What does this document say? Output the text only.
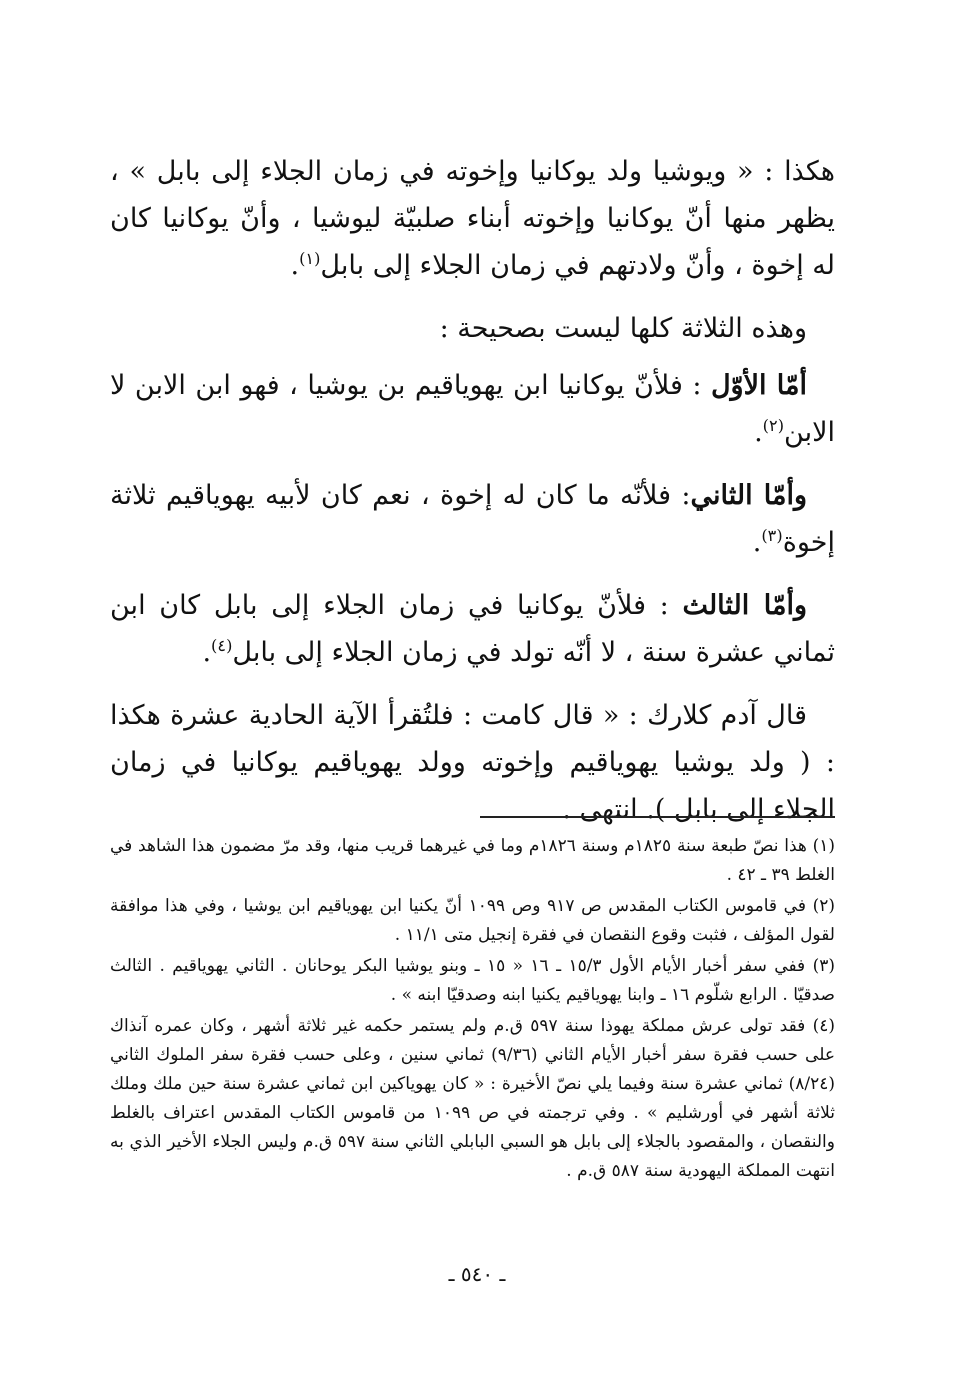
هكذا : « ويوشيا ولد يوكانيا وإخوته في زمان الجلاء إلى بابل » ، يظهر منها أنّ يوكانيا وإخوته أبناء صلبيّة ليوشيا ، وأنّ يوكانيا كان له إخوة ، وأنّ ولادتهم في زمان الجلاء إلى بابل$^{(١)}$.

وهذه الثلاثة كلها ليست بصحيحة :

أمّا الأوّل : فلأنّ يوكانيا ابن يهوياقيم بن يوشيا ، فهو ابن الابن لا الابن$^{(٢)}$.

وأمّا الثاني: فلأنّه ما كان له إخوة ، نعم كان لأبيه يهوياقيم ثلاثة إخوة$^{(٣)}$.

وأمّا الثالث : فلأنّ يوكانيا في زمان الجلاء إلى بابل كان ابن ثماني عشرة سنة ، لا أنّه تولد في زمان الجلاء إلى بابل$^{(٤)}$.

قال آدم كلارك : « قال كامت : فلتُقرأ الآية الحادية عشرة هكذا : ( ولد يوشيا يهوياقيم وإخوته وولد يهوياقيم يوكانيا في زمان الجلاء إلى بابل ). انتهى .

(١) هذا نصّ طبعة سنة ١٨٢٥م وسنة ١٨٢٦م وما في غيرهما قريب منها، وقد مرّ مضمون هذا الشاهد في الغلط ٣٩ ـ ٤٢ .

(٢) في قاموس الكتاب المقدس ص ٩١٧ وص ١٠٩٩ أنّ يكنيا ابن يهوياقيم ابن يوشيا ، وفي هذا موافقة لقول المؤلف ، فثبت وقوع النقصان في فقرة إنجيل متى ١١/١ .

(٣) ففي سفر أخبار الأيام الأول ١٥/٣ ـ ١٦ « ١٥ ـ وبنو يوشيا البكر يوحانان . الثاني يهوياقيم . الثالث صدقيّا . الرابع شلّوم ١٦ ـ وابنا يهوياقيم يكنيا ابنه وصدقيّا ابنه » .

(٤) فقد تولى عرش مملكة يهوذا سنة ٥٩٧ ق.م ولم يستمر حكمه غير ثلاثة أشهر ، وكان عمره آنذاك على حسب فقرة سفر أخبار الأيام الثاني (٩/٣٦) ثماني سنين ، وعلى حسب فقرة سفر الملوك الثاني (٨/٢٤) ثماني عشرة سنة وفيما يلي نصّ الأخيرة : « كان يهوياكين ابن ثماني عشرة سنة حين ملك وملك ثلاثة أشهر في أورشليم » . وفي ترجمته في ص ١٠٩٩ من قاموس الكتاب المقدس اعتراف بالغلط والنقصان ، والمقصود بالجلاء إلى بابل هو السبي البابلي الثاني سنة ٥٩٧ ق.م وليس الجلاء الأخير الذي به انتهت المملكة اليهودية سنة ٥٨٧ ق.م .

ـ ٥٤٠ ـ
